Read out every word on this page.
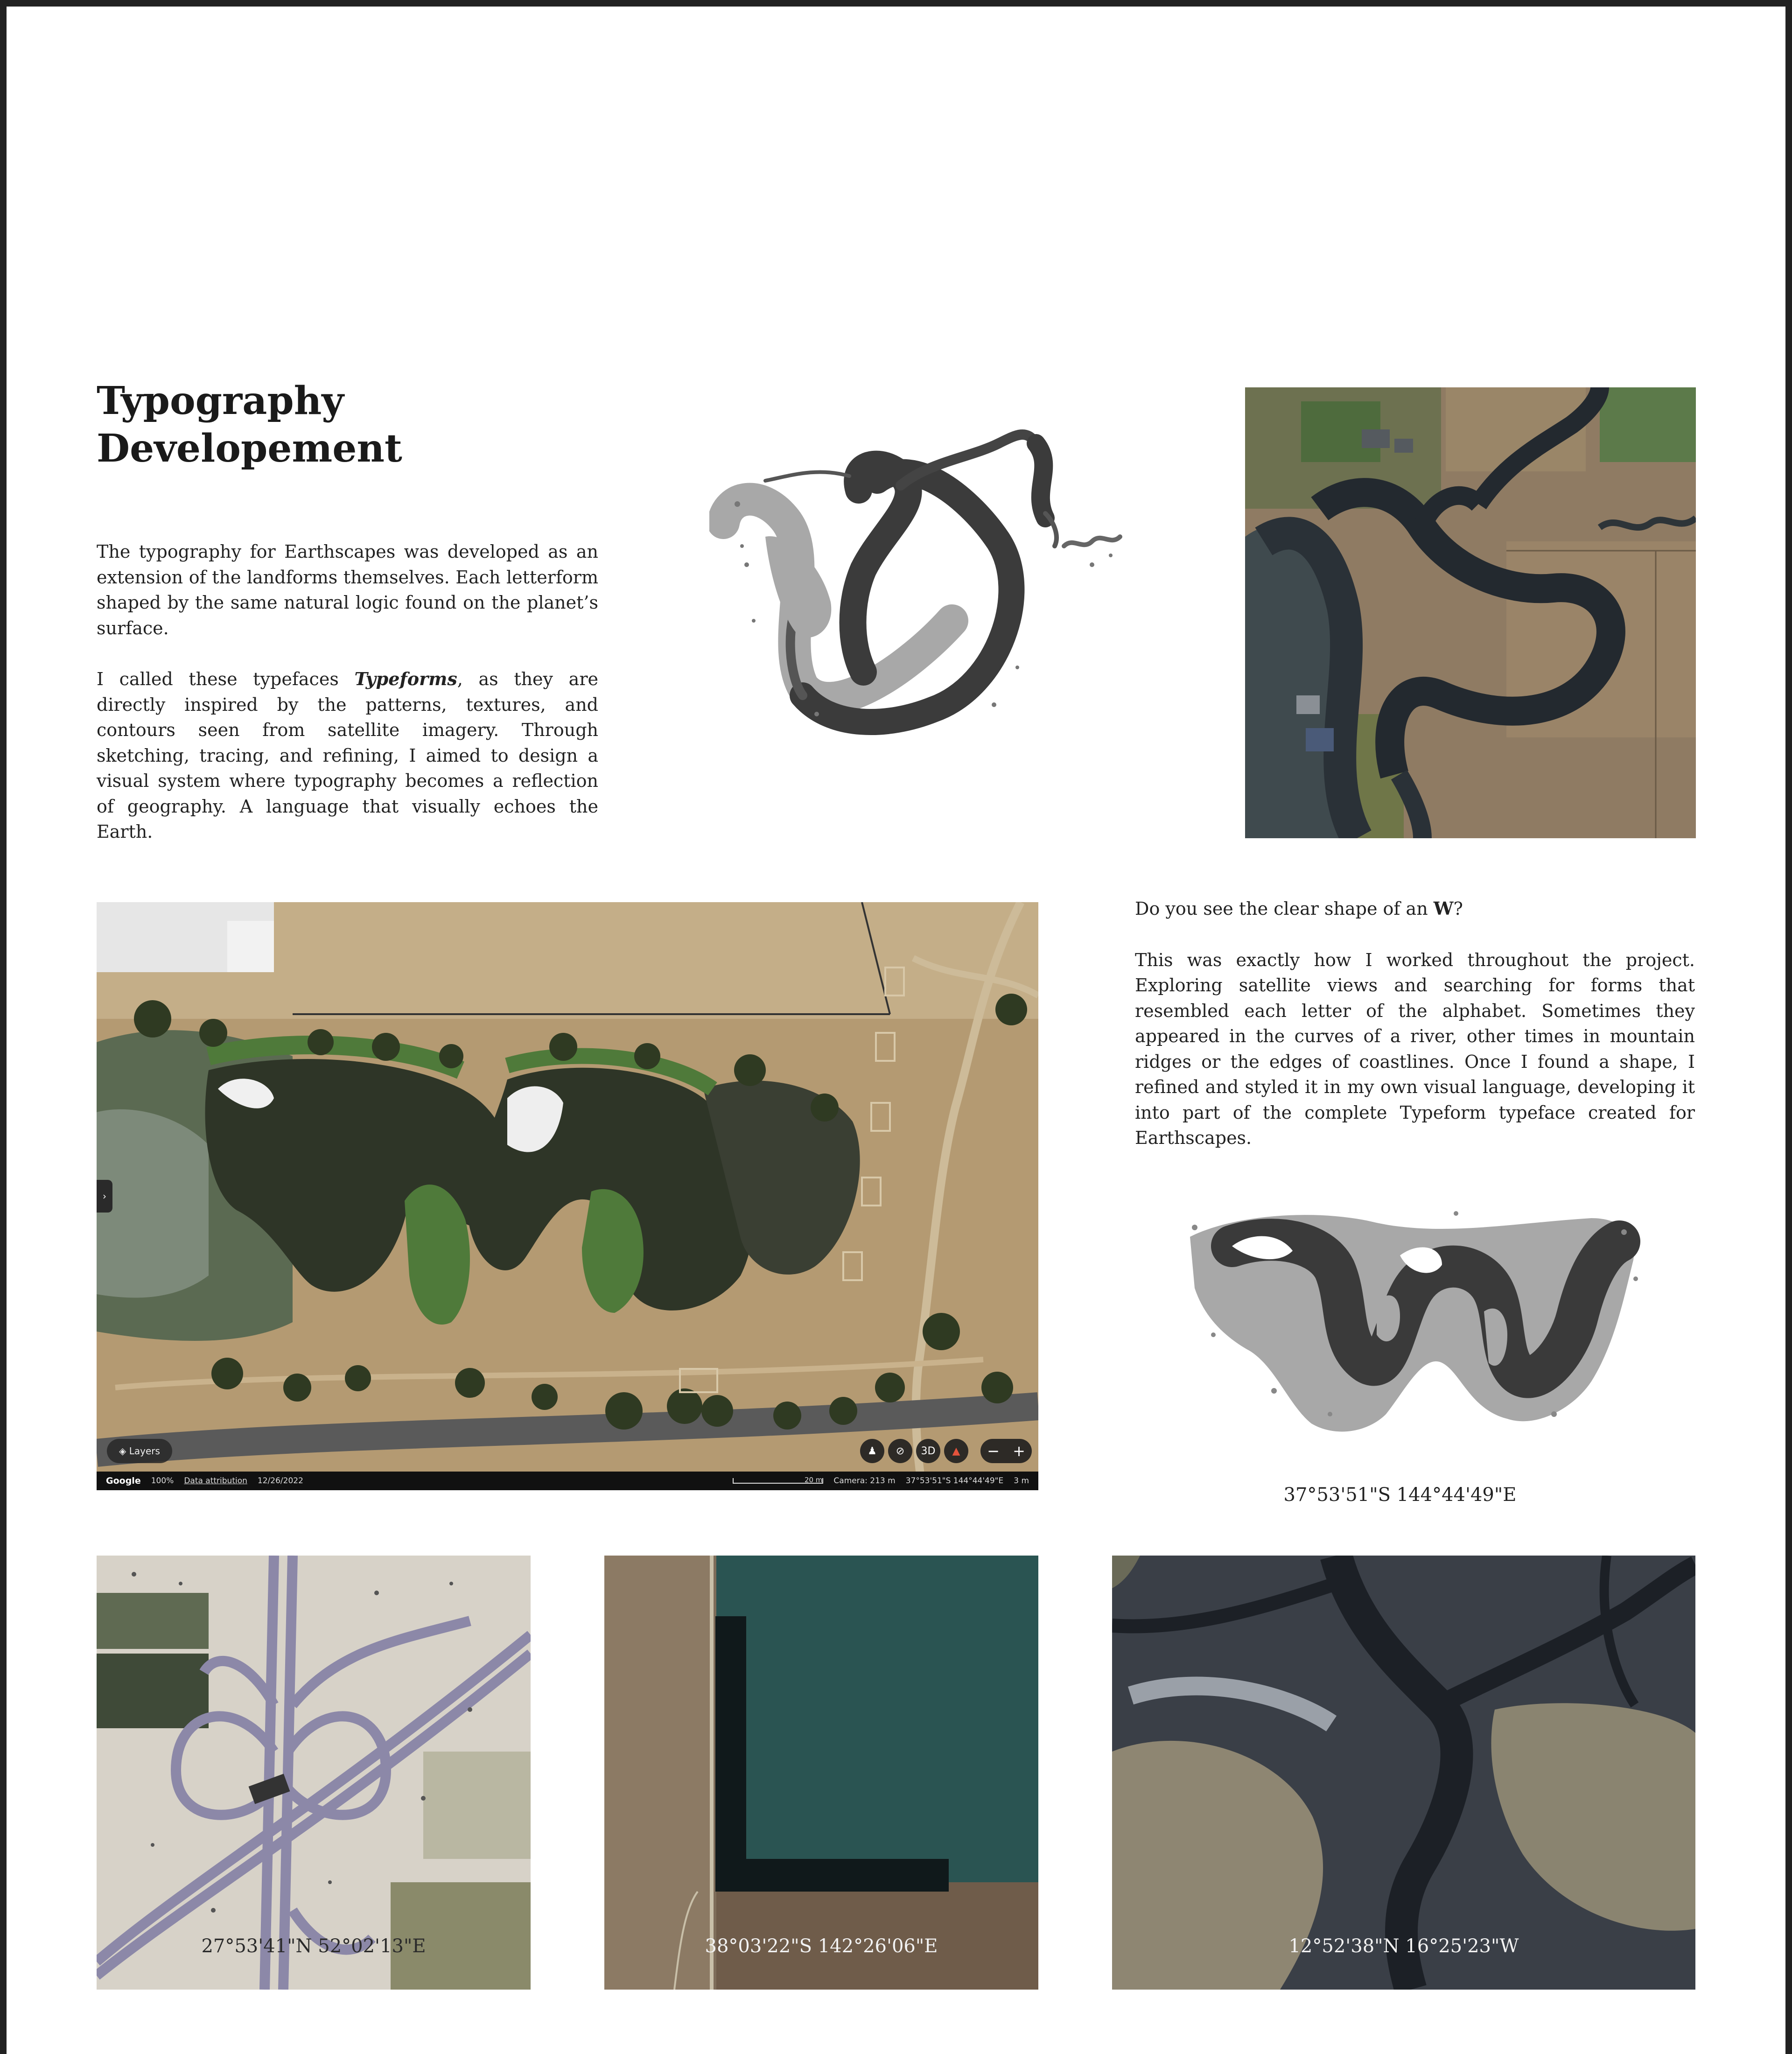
Typography
Developement

The typography for Earthscapes was developed as an extension of the landforms themselves. Each letterform shaped by the same natural logic found on the planet’s surface.

I called these typefaces Typeforms, as they are directly inspired by the patterns, textures, and contours seen from satellite imagery. Through sketching, tracing, and refining, I aimed to design a visual system where typography becomes a reflection of geography. A language that visually echoes the Earth.

›
◈ Layers	♟	⊘	3D	▲	− +
Google 100% Data attribution 12/26/2022	20 m Camera: 213 m 37°53'51"S 144°44'49"E 3 m

Do you see the clear shape of an W?

This was exactly how I worked throughout the project. Exploring satellite views and searching for forms that resembled each letter of the alphabet. Sometimes they appeared in the curves of a river, other times in mountain ridges or the edges of coastlines. Once I found a shape, I refined and styled it in my own visual language, developing it into part of the complete Typeform typeface created for Earthscapes.

37°53'51"S 144°44'49"E
27°53'41"N 52°02'13"E	38°03'22"S 142°26'06"E	12°52'38"N 16°25'23"W
